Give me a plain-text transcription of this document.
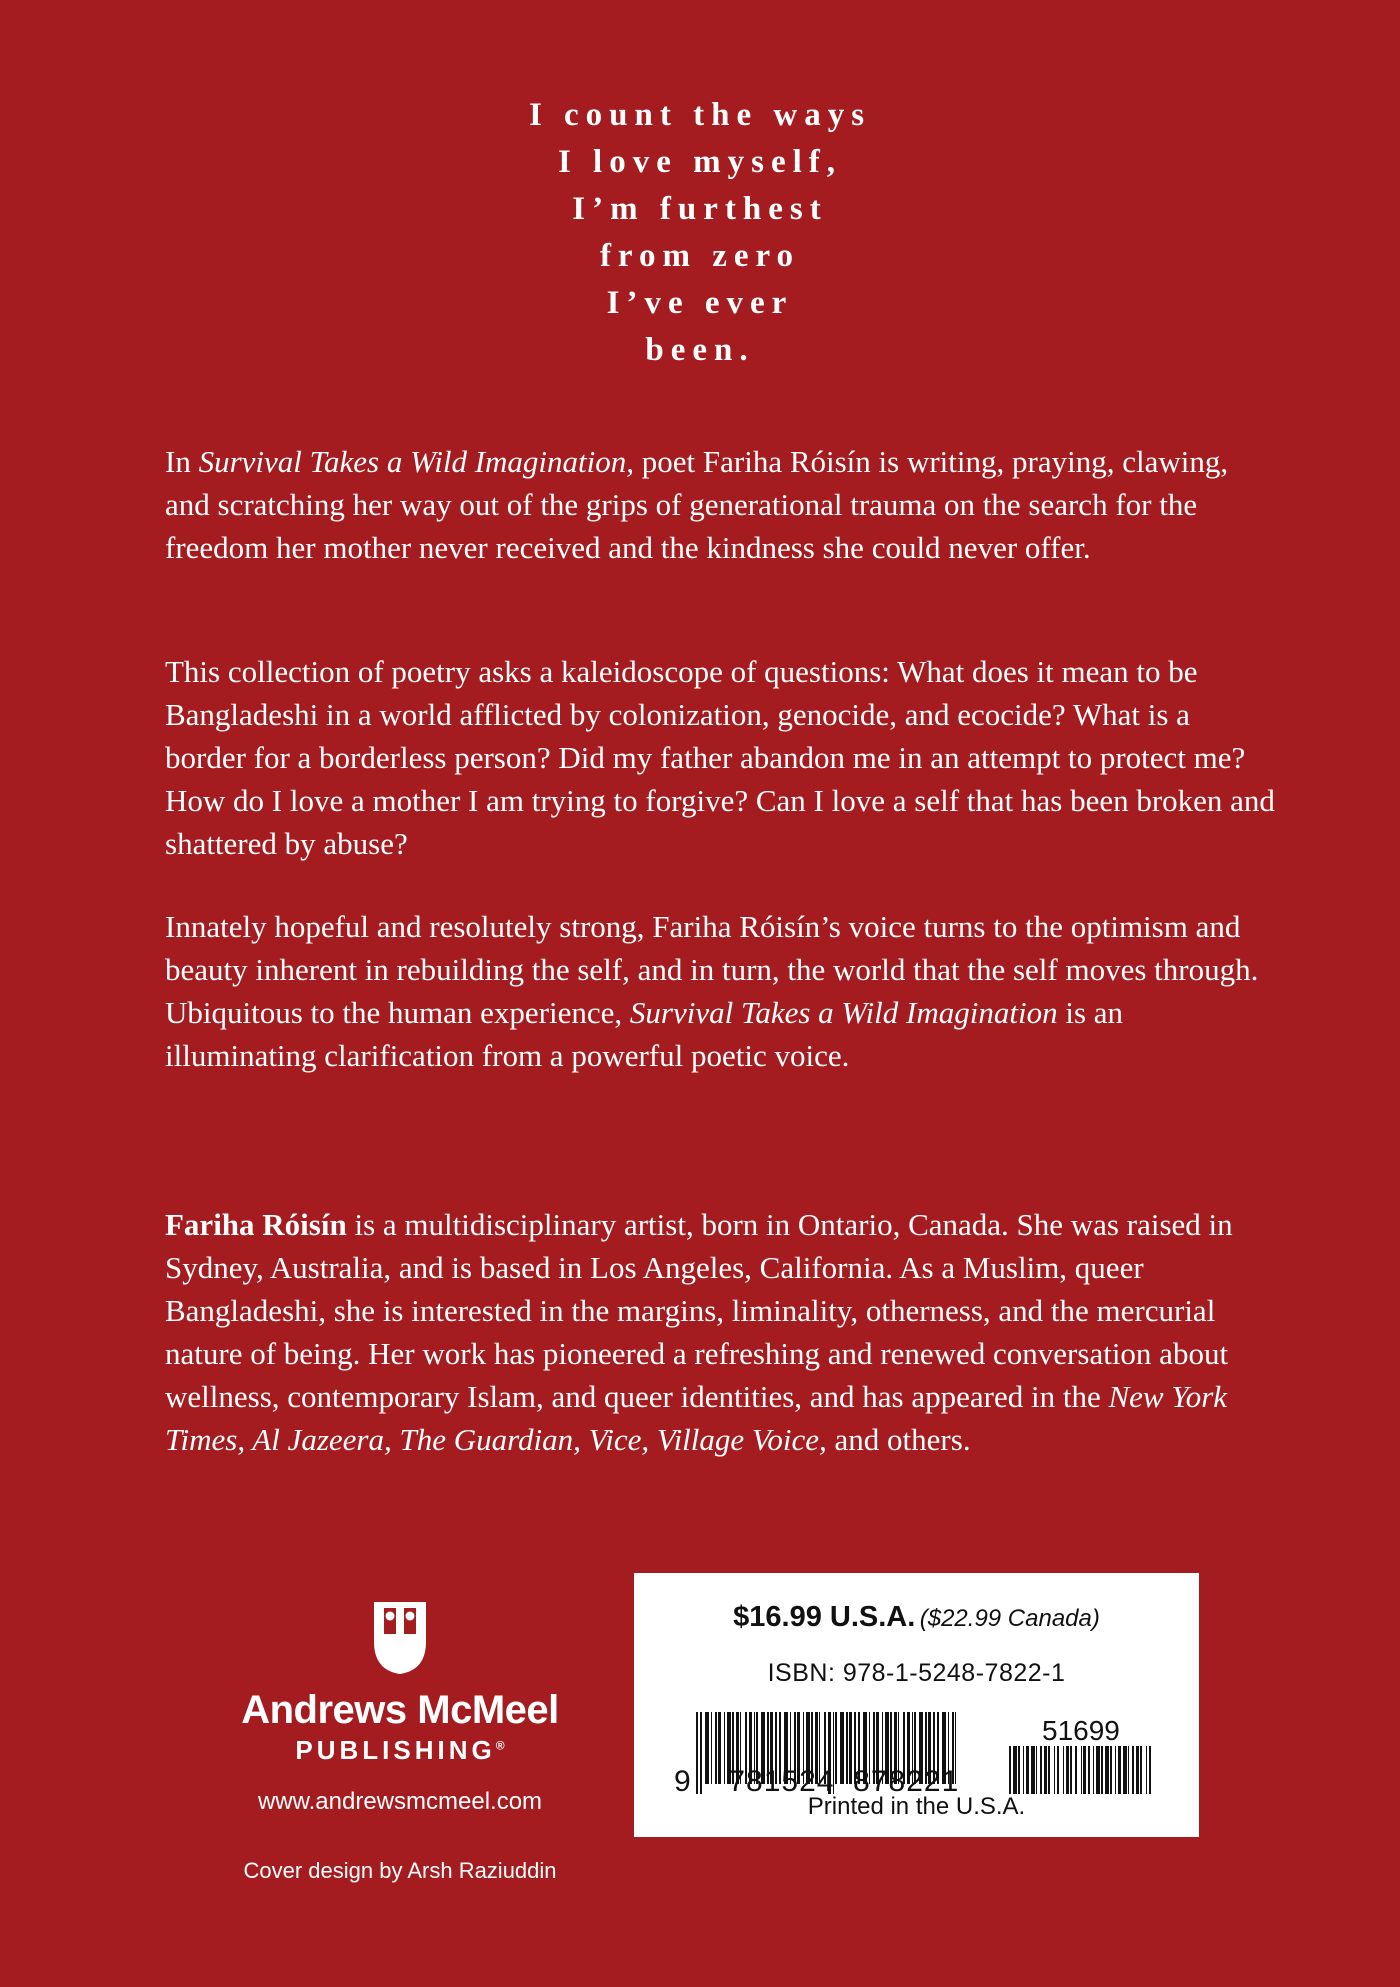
I count the ways
I love myself,
I’m furthest
from zero
I’ve ever
been.

In Survival Takes a Wild Imagination, poet Fariha Róisín is writing, praying, clawing, and scratching her way out of the grips of generational trauma on the search for the freedom her mother never received and the kindness she could never offer.

This collection of poetry asks a kaleidoscope of questions: What does it mean to be Bangladeshi in a world afflicted by colonization, genocide, and ecocide? What is a border for a borderless person? Did my father abandon me in an attempt to protect me? How do I love a mother I am trying to forgive? Can I love a self that has been broken and shattered by abuse?

Innately hopeful and resolutely strong, Fariha Róisín’s voice turns to the optimism and beauty inherent in rebuilding the self, and in turn, the world that the self moves through. Ubiquitous to the human experience, Survival Takes a Wild Imagination is an illuminating clarification from a powerful poetic voice.

Fariha Róisín is a multidisciplinary artist, born in Ontario, Canada. She was raised in Sydney, Australia, and is based in Los Angeles, California. As a Muslim, queer Bangladeshi, she is interested in the margins, liminality, otherness, and the mercurial nature of being. Her work has pioneered a refreshing and renewed conversation about wellness, contemporary Islam, and queer identities, and has appeared in the New York Times, Al Jazeera, The Guardian, Vice, Village Voice, and others.

Andrews McMeel
PUBLISHING®
www.andrewsmcmeel.com
Cover design by Arsh Raziuddin
$16.99 U.S.A. ($22.99 Canada)
ISBN: 978-1-5248-7822-1
9 781524  878221
51699
Printed in the U.S.A.
